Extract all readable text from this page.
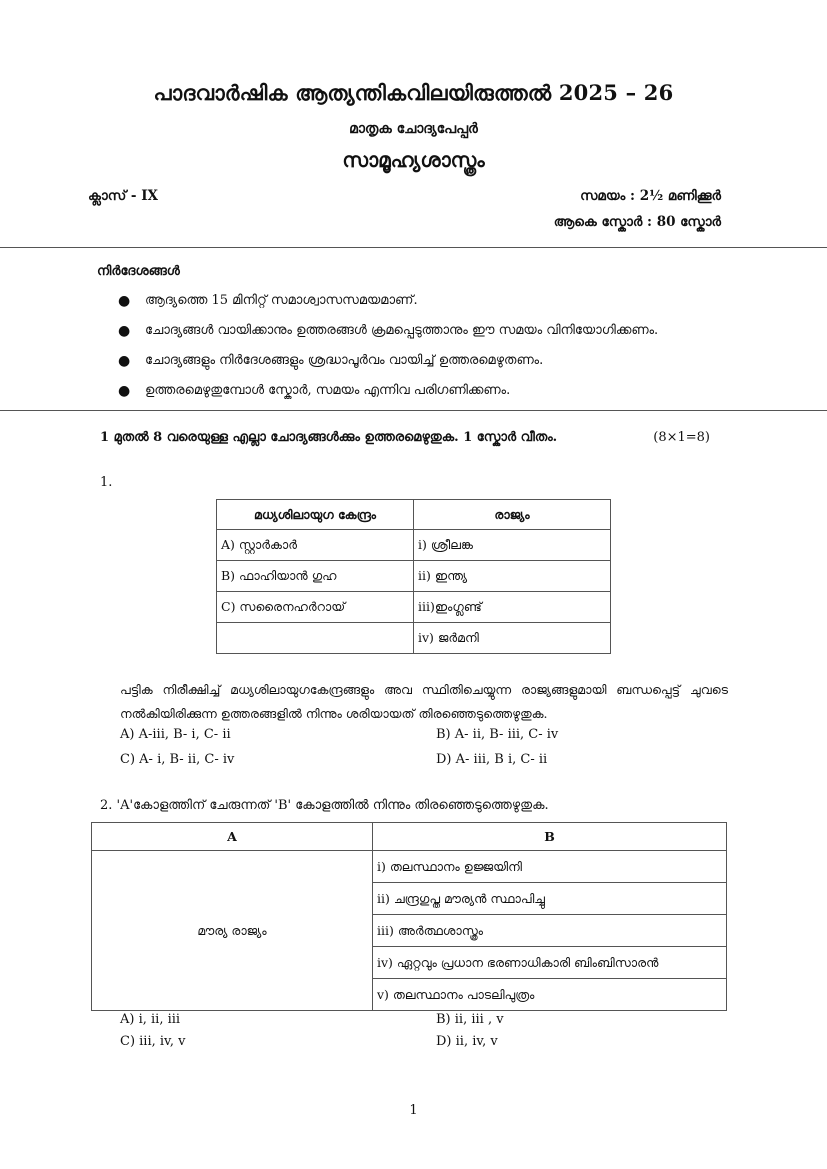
പാദവാർഷിക ആത്യന്തികവിലയിരുത്തൽ 2025 – 26
മാതൃക ചോദ്യപേപ്പർ
സാമൂഹ്യശാസ്ത്രം
ക്ലാസ് - IX	സമയം : 2½ മണിക്കൂർ
ആകെ സ്കോർ : 80 സ്കോർ
നിർദേശങ്ങൾ
●	ആദ്യത്തെ 15 മിനിറ്റ് സമാശ്വാസസമയമാണ്.
●	ചോദ്യങ്ങൾ വായിക്കാനും ഉത്തരങ്ങൾ ക്രമപ്പെടുത്താനും ഈ സമയം വിനിയോഗിക്കണം.
●	ചോദ്യങ്ങളും നിർദേശങ്ങളും ശ്രദ്ധാപൂർവം വായിച്ച് ഉത്തരമെഴുതണം.
●	ഉത്തരമെഴുതുമ്പോൾ സ്കോർ, സമയം എന്നിവ പരിഗണിക്കണം.
1 മുതൽ 8 വരെയുള്ള എല്ലാ ചോദ്യങ്ങൾക്കും ഉത്തരമെഴുതുക. 1 സ്കോർ വീതം.	(8×1=8)
1.
മധ്യശിലായുഗ കേന്ദ്രം	രാജ്യം
A) സ്റ്റാർകാർ	i) ശ്രീലങ്ക
B) ഫാഹിയാൻ ഗുഹ	ii) ഇന്ത്യ
C) സരൈനഹർറായ്	iii)ഇംഗ്ലണ്ട്
	iv) ജർമനി
പട്ടിക നിരീക്ഷിച്ച് മധ്യശിലായുഗകേന്ദ്രങ്ങളും അവ സ്ഥിതിചെയ്യുന്ന രാജ്യങ്ങളുമായി ബന്ധപ്പെട്ട് ചുവടെ നൽകിയിരിക്കുന്ന ഉത്തരങ്ങളിൽ നിന്നും ശരിയായത് തിരഞ്ഞെടുത്തെഴുതുക.
A) A-iii, B- i, C- ii	B) A- ii, B- iii, C- iv
C) A- i, B- ii, C- iv	D) A- iii, B i, C- ii
2. 'A'കോളത്തിന് ചേരുന്നത് 'B' കോളത്തിൽ നിന്നും തിരഞ്ഞെടുത്തെഴുതുക.
A	B
മൗര്യ രാജ്യം	i) തലസ്ഥാനം ഉജ്ജയിനി
	ii) ചന്ദ്രഗുപ്ത മൗര്യൻ സ്ഥാപിച്ചു
	iii) അർത്ഥശാസ്ത്രം
	iv) ഏറ്റവും പ്രധാന ഭരണാധികാരി ബിംബിസാരൻ
	v) തലസ്ഥാനം പാടലിപുത്രം
A) i, ii, iii	B) ii, iii , v
C) iii, iv, v	D) ii, iv, v
1
